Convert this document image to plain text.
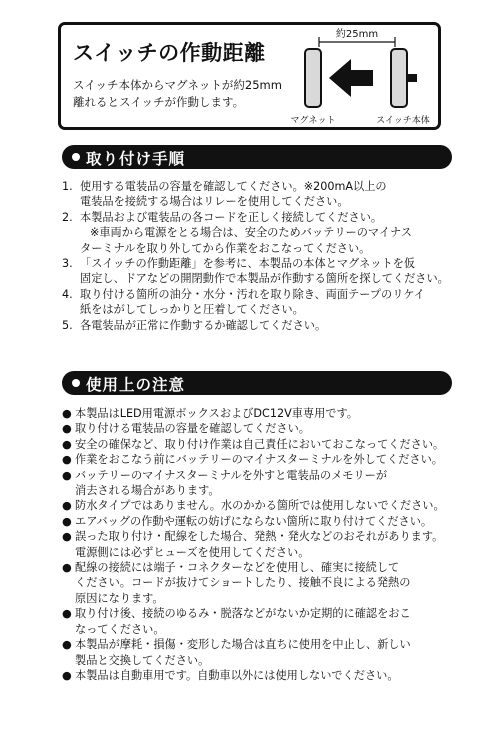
スイッチの作動距離
スイッチ本体からマグネットが約25mm
離れるとスイッチが作動します。
約25mm
マグネット	スイッチ本体
取り付け手順
1. 使用する電装品の容量を確認してください。※200mA以上の
電装品を接続する場合はリレーを使用してください。
2. 本製品および電装品の各コードを正しく接続してください。
※車両から電源をとる場合は、安全のためバッテリーのマイナス
ターミナルを取り外してから作業をおこなってください。
3. 「スイッチの作動距離」を参考に、本製品の本体とマグネットを仮
固定し、ドアなどの開閉動作で本製品が作動する箇所を探してください。
4. 取り付ける箇所の油分・水分・汚れを取り除き、両面テープのリケイ
紙をはがしてしっかりと圧着してください。
5. 各電装品が正常に作動するか確認してください。
使用上の注意
● 本製品はLED用電源ボックスおよびDC12V車専用です。
● 取り付ける電装品の容量を確認してください。
● 安全の確保など、取り付け作業は自己責任においておこなってください。
● 作業をおこなう前にバッテリーのマイナスターミナルを外してください。
● バッテリーのマイナスターミナルを外すと電装品のメモリーが
消去される場合があります。
● 防水タイプではありません。水のかかる箇所では使用しないでください。
● エアバッグの作動や運転の妨げにならない箇所に取り付けてください。
● 誤った取り付け・配線をした場合、発熱・発火などのおそれがあります。
電源側には必ずヒューズを使用してください。
● 配線の接続には端子・コネクターなどを使用し、確実に接続して
ください。コードが抜けてショートしたり、接触不良による発熱の
原因になります。
● 取り付け後、接続のゆるみ・脱落などがないか定期的に確認をおこ
なってください。
● 本製品が摩耗・損傷・変形した場合は直ちに使用を中止し、新しい
製品と交換してください。
● 本製品は自動車用です。自動車以外には使用しないでください。
